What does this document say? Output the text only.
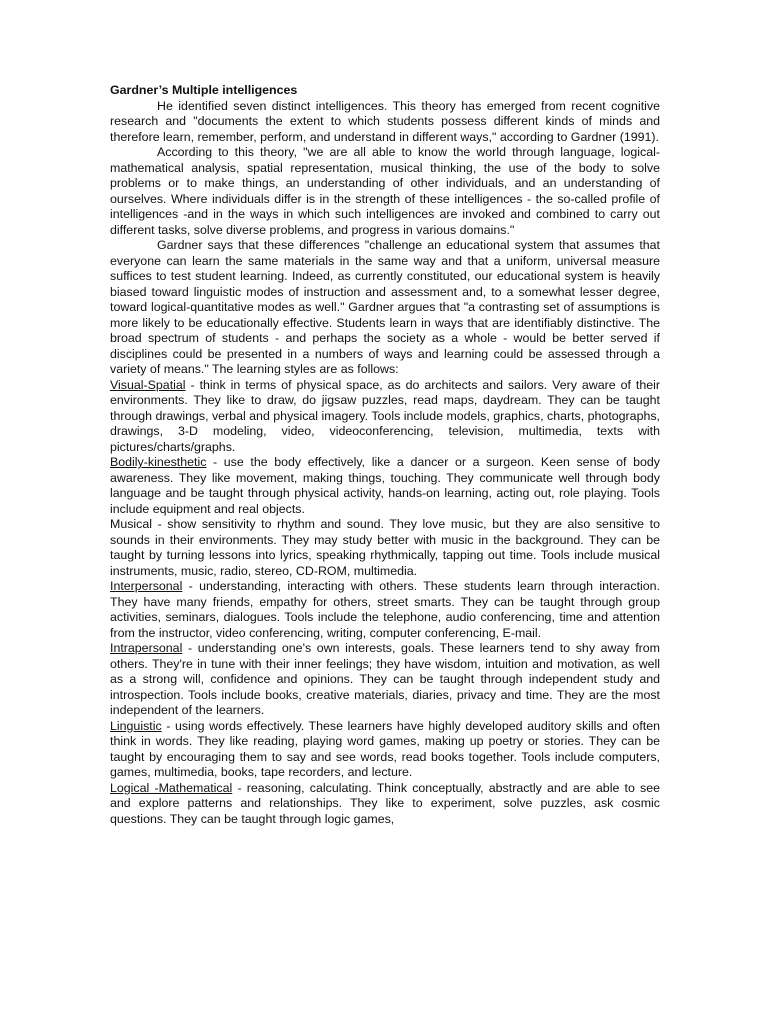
Gardner’s Multiple intelligences

He identified seven distinct intelligences. This theory has emerged from recent cognitive research and "documents the extent to which students possess different kinds of minds and therefore learn, remember, perform, and understand in different ways," according to Gardner (1991).

According to this theory, "we are all able to know the world through language, logical-mathematical analysis, spatial representation, musical thinking, the use of the body to solve problems or to make things, an understanding of other individuals, and an understanding of ourselves. Where individuals differ is in the strength of these intelligences - the so-called profile of intelligences -and in the ways in which such intelligences are invoked and combined to carry out different tasks, solve diverse problems, and progress in various domains."

Gardner says that these differences "challenge an educational system that assumes that everyone can learn the same materials in the same way and that a uniform, universal measure suffices to test student learning. Indeed, as currently constituted, our educational system is heavily biased toward linguistic modes of instruction and assessment and, to a somewhat lesser degree, toward logical-quantitative modes as well." Gardner argues that "a contrasting set of assumptions is more likely to be educationally effective. Students learn in ways that are identifiably distinctive. The broad spectrum of students - and perhaps the society as a whole - would be better served if disciplines could be presented in a numbers of ways and learning could be assessed through a variety of means." The learning styles are as follows:

Visual-Spatial - think in terms of physical space, as do architects and sailors. Very aware of their environments. They like to draw, do jigsaw puzzles, read maps, daydream. They can be taught through drawings, verbal and physical imagery. Tools include models, graphics, charts, photographs, drawings, 3-D modeling, video, videoconferencing, television, multimedia, texts with pictures/charts/graphs.

Bodily-kinesthetic - use the body effectively, like a dancer or a surgeon. Keen sense of body awareness. They like movement, making things, touching. They communicate well through body language and be taught through physical activity, hands-on learning, acting out, role playing. Tools include equipment and real objects.

Musical - show sensitivity to rhythm and sound. They love music, but they are also sensitive to sounds in their environments. They may study better with music in the background. They can be taught by turning lessons into lyrics, speaking rhythmically, tapping out time. Tools include musical instruments, music, radio, stereo, CD-ROM, multimedia.

Interpersonal - understanding, interacting with others. These students learn through interaction. They have many friends, empathy for others, street smarts. They can be taught through group activities, seminars, dialogues. Tools include the telephone, audio conferencing, time and attention from the instructor, video conferencing, writing, computer conferencing, E-mail.

Intrapersonal - understanding one's own interests, goals. These learners tend to shy away from others. They're in tune with their inner feelings; they have wisdom, intuition and motivation, as well as a strong will, confidence and opinions. They can be taught through independent study and introspection. Tools include books, creative materials, diaries, privacy and time. They are the most independent of the learners.

Linguistic - using words effectively. These learners have highly developed auditory skills and often think in words. They like reading, playing word games, making up poetry or stories. They can be taught by encouraging them to say and see words, read books together. Tools include computers, games, multimedia, books, tape recorders, and lecture.

Logical -Mathematical - reasoning, calculating. Think conceptually, abstractly and are able to see and explore patterns and relationships. They like to experiment, solve puzzles, ask cosmic questions. They can be taught through logic games,
